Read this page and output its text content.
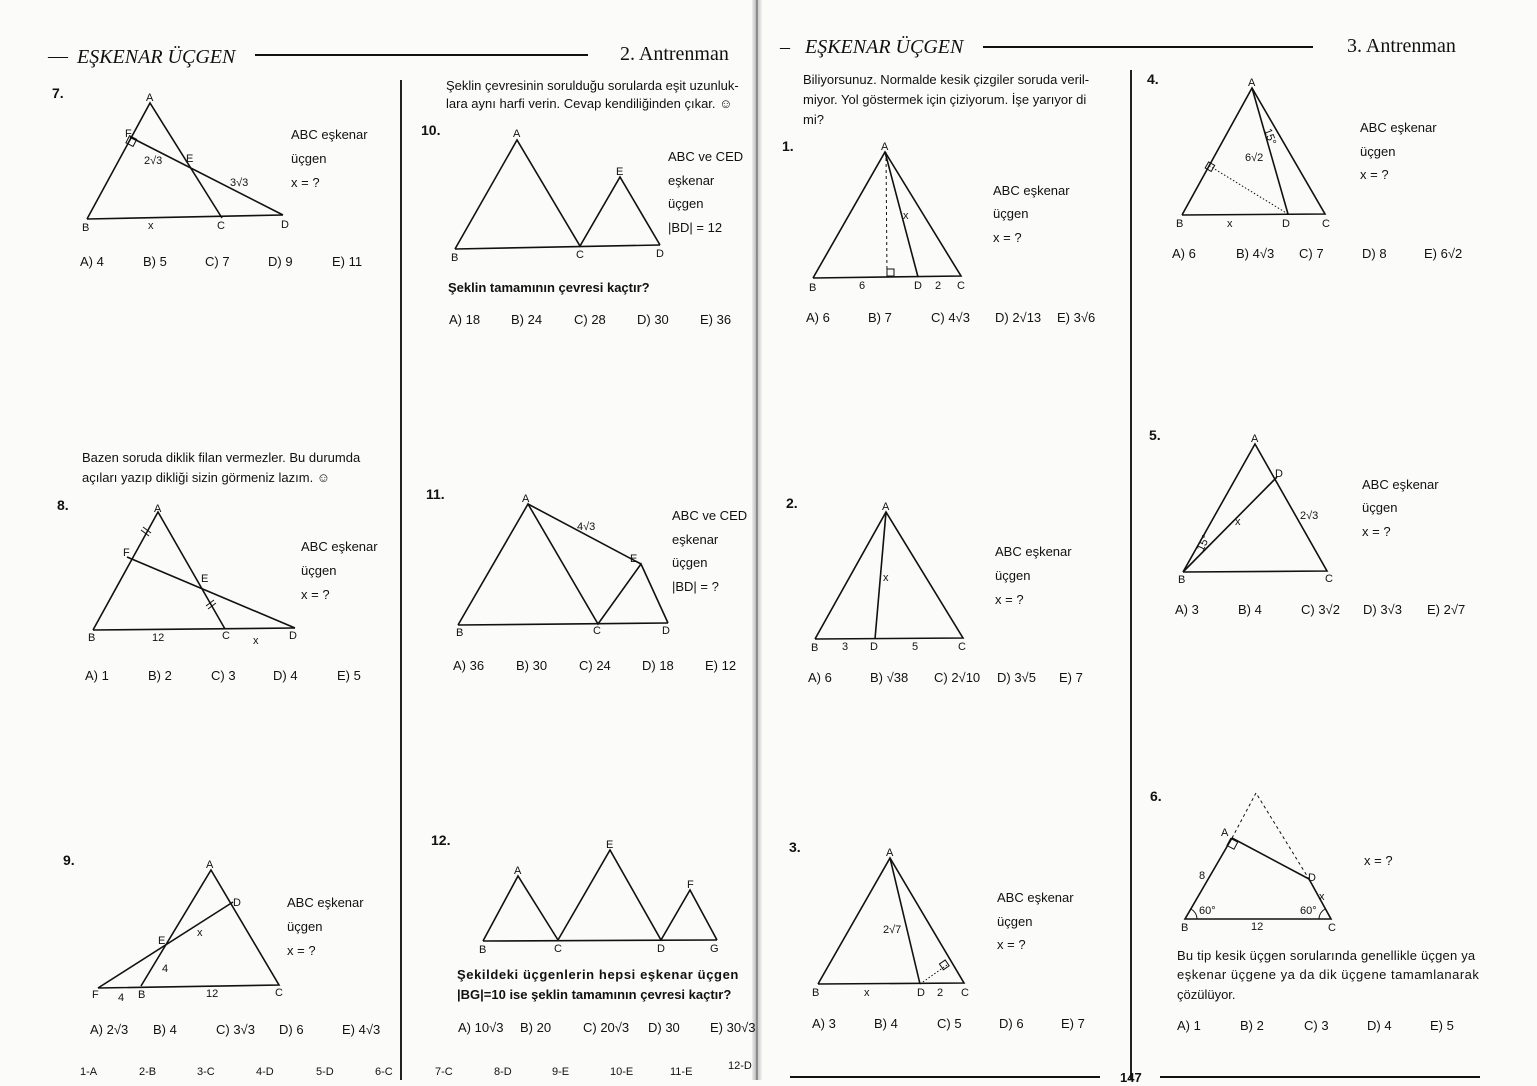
— EŞKENAR ÜÇGEN	2. Antrenman	– EŞKENAR ÜÇGEN	3. Antrenman
147
A
B	C	D
E
F
x
2√3
3√3
A
B	C	D
E
F
12	x
A
B	C
D
E
F
x
4
4	12
A
B	C	D
E
A
B	C	D
E
4√3
A
B	C	D
E
F
G
A
B	C
D
x
6	2
A
B	C
D
x
3	5
A
B	C
D
x	2
2√7
A
B	C
D
x
6√2
15°
A
B	C
D
x	2√3
15°
A
B	C
D
x
8
12
60°	60°
7.
ABC eşkenar
üçgen
x = ?
A) 4	B) 5	C) 7	D) 9	E) 11
Bazen soruda diklik filan vermezler. Bu durumda
açıları yazıp dikliği sizin görmeniz lazım. ☺
8.
ABC eşkenar
üçgen
x = ?
A) 1	B) 2	C) 3	D) 4	E) 5
9.
ABC eşkenar
üçgen
x = ?
A) 2√3 B) 4	C) 3√3 D) 6	E) 4√3
Şeklin çevresinin sorulduğu sorularda eşit uzunluk-
lara aynı harfi verin. Cevap kendiliğinden çıkar. ☺
10.
ABC ve CED
eşkenar
üçgen
|BD| = 12
Şeklin tamamının çevresi kaçtır?
A) 18 B) 24 C) 28 D) 30 E) 36
11.
ABC ve CED
eşkenar
üçgen
|BD| = ?
A) 36 B) 30 C) 24 D) 18 E) 12
12.
Şekildeki üçgenlerin hepsi eşkenar üçgen
|BG|=10 ise şeklin tamamının çevresi kaçtır?
A) 10√3 B) 20 C) 20√3 D) 30 E) 30√3
1-A	2-B	3-C	4-D	5-D	6-C	7-C	8-D	9-E	10-E	11-E	12-D
Biliyorsunuz. Normalde kesik çizgiler soruda veril-
miyor. Yol göstermek için çiziyorum. İşe yarıyor di
mi?
1.
ABC eşkenar
üçgen
x = ?
A) 6	B) 7	C) 4√3 D) 2√13 E) 3√6
2.
ABC eşkenar
üçgen
x = ?
A) 6	B) √38 C) 2√10 D) 3√5 E) 7
3.
ABC eşkenar
üçgen
x = ?
A) 3	B) 4	C) 5	D) 6	E) 7
4.
ABC eşkenar
üçgen
x = ?
A) 6	B) 4√3 C) 7	D) 8	E) 6√2
5.
ABC eşkenar
üçgen
x = ?
A) 3	B) 4	C) 3√2 D) 3√3 E) 2√7
6.
x = ?
Bu tip kesik üçgen sorularında genellikle üçgen ya
eşkenar üçgene ya da dik üçgene tamamlanarak
çözülüyor.
A) 1	B) 2	C) 3	D) 4	E) 5
